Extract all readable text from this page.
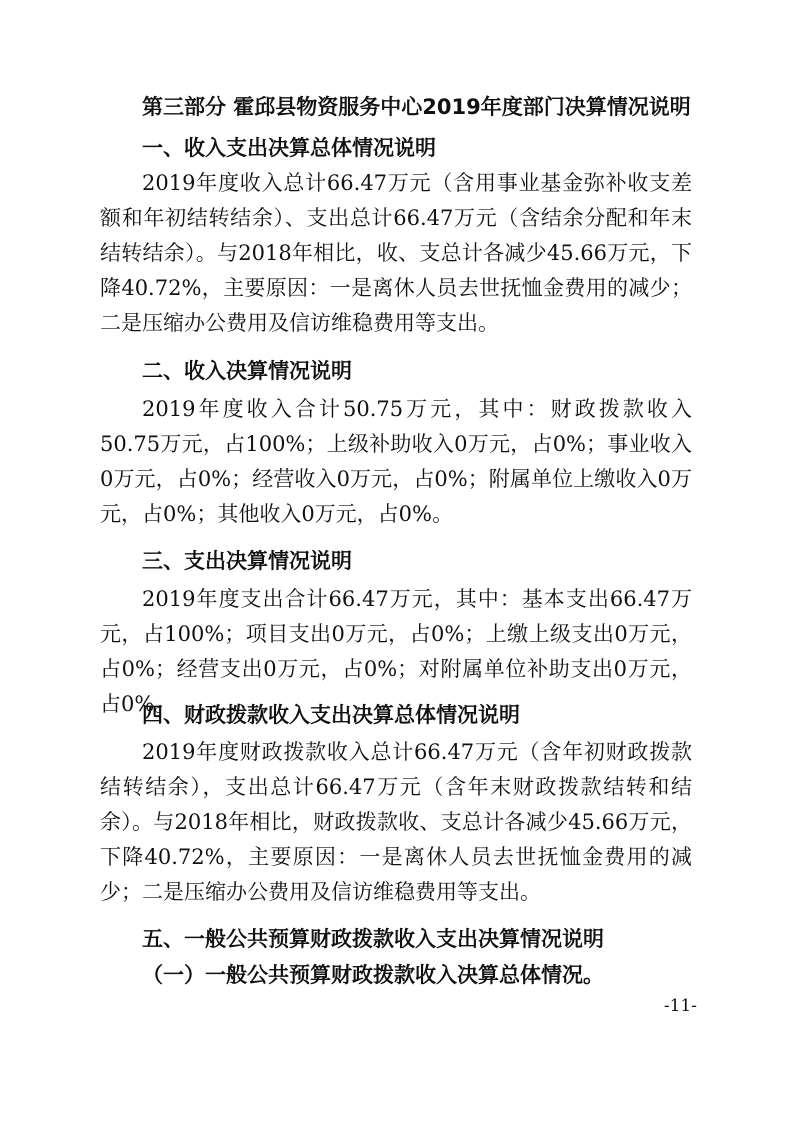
第三部分 霍邱县物资服务中心2019年度部门决算情况说明
一、收入支出决算总体情况说明

2019年度收入总计66.47万元（含用事业基金弥补收支差额和年初结转结余）、支出总计66.47万元（含结余分配和年末结转结余）。与2018年相比，收、支总计各减少45.66万元，下降40.72%，主要原因：一是离休人员去世抚恤金费用的减少；二是压缩办公费用及信访维稳费用等支出。

二、收入决算情况说明

2019年度收入合计50.75万元，其中：财政拨款收入50.75万元，占100%；上级补助收入0万元，占0%；事业收入0万元，占0%；经营收入0万元，占0%；附属单位上缴收入0万元，占0%；其他收入0万元，占0%。

三、支出决算情况说明

2019年度支出合计66.47万元，其中：基本支出66.47万元，占100%；项目支出0万元，占0%；上缴上级支出0万元，占0%；经营支出0万元，占0%；对附属单位补助支出0万元，占0%。

四、财政拨款收入支出决算总体情况说明

2019年度财政拨款收入总计66.47万元（含年初财政拨款结转结余），支出总计66.47万元（含年末财政拨款结转和结余）。与2018年相比，财政拨款收、支总计各减少45.66万元，下降40.72%，主要原因：一是离休人员去世抚恤金费用的减少；二是压缩办公费用及信访维稳费用等支出。

五、一般公共预算财政拨款收入支出决算情况说明
（一）一般公共预算财政拨款收入决算总体情况。
-11-
